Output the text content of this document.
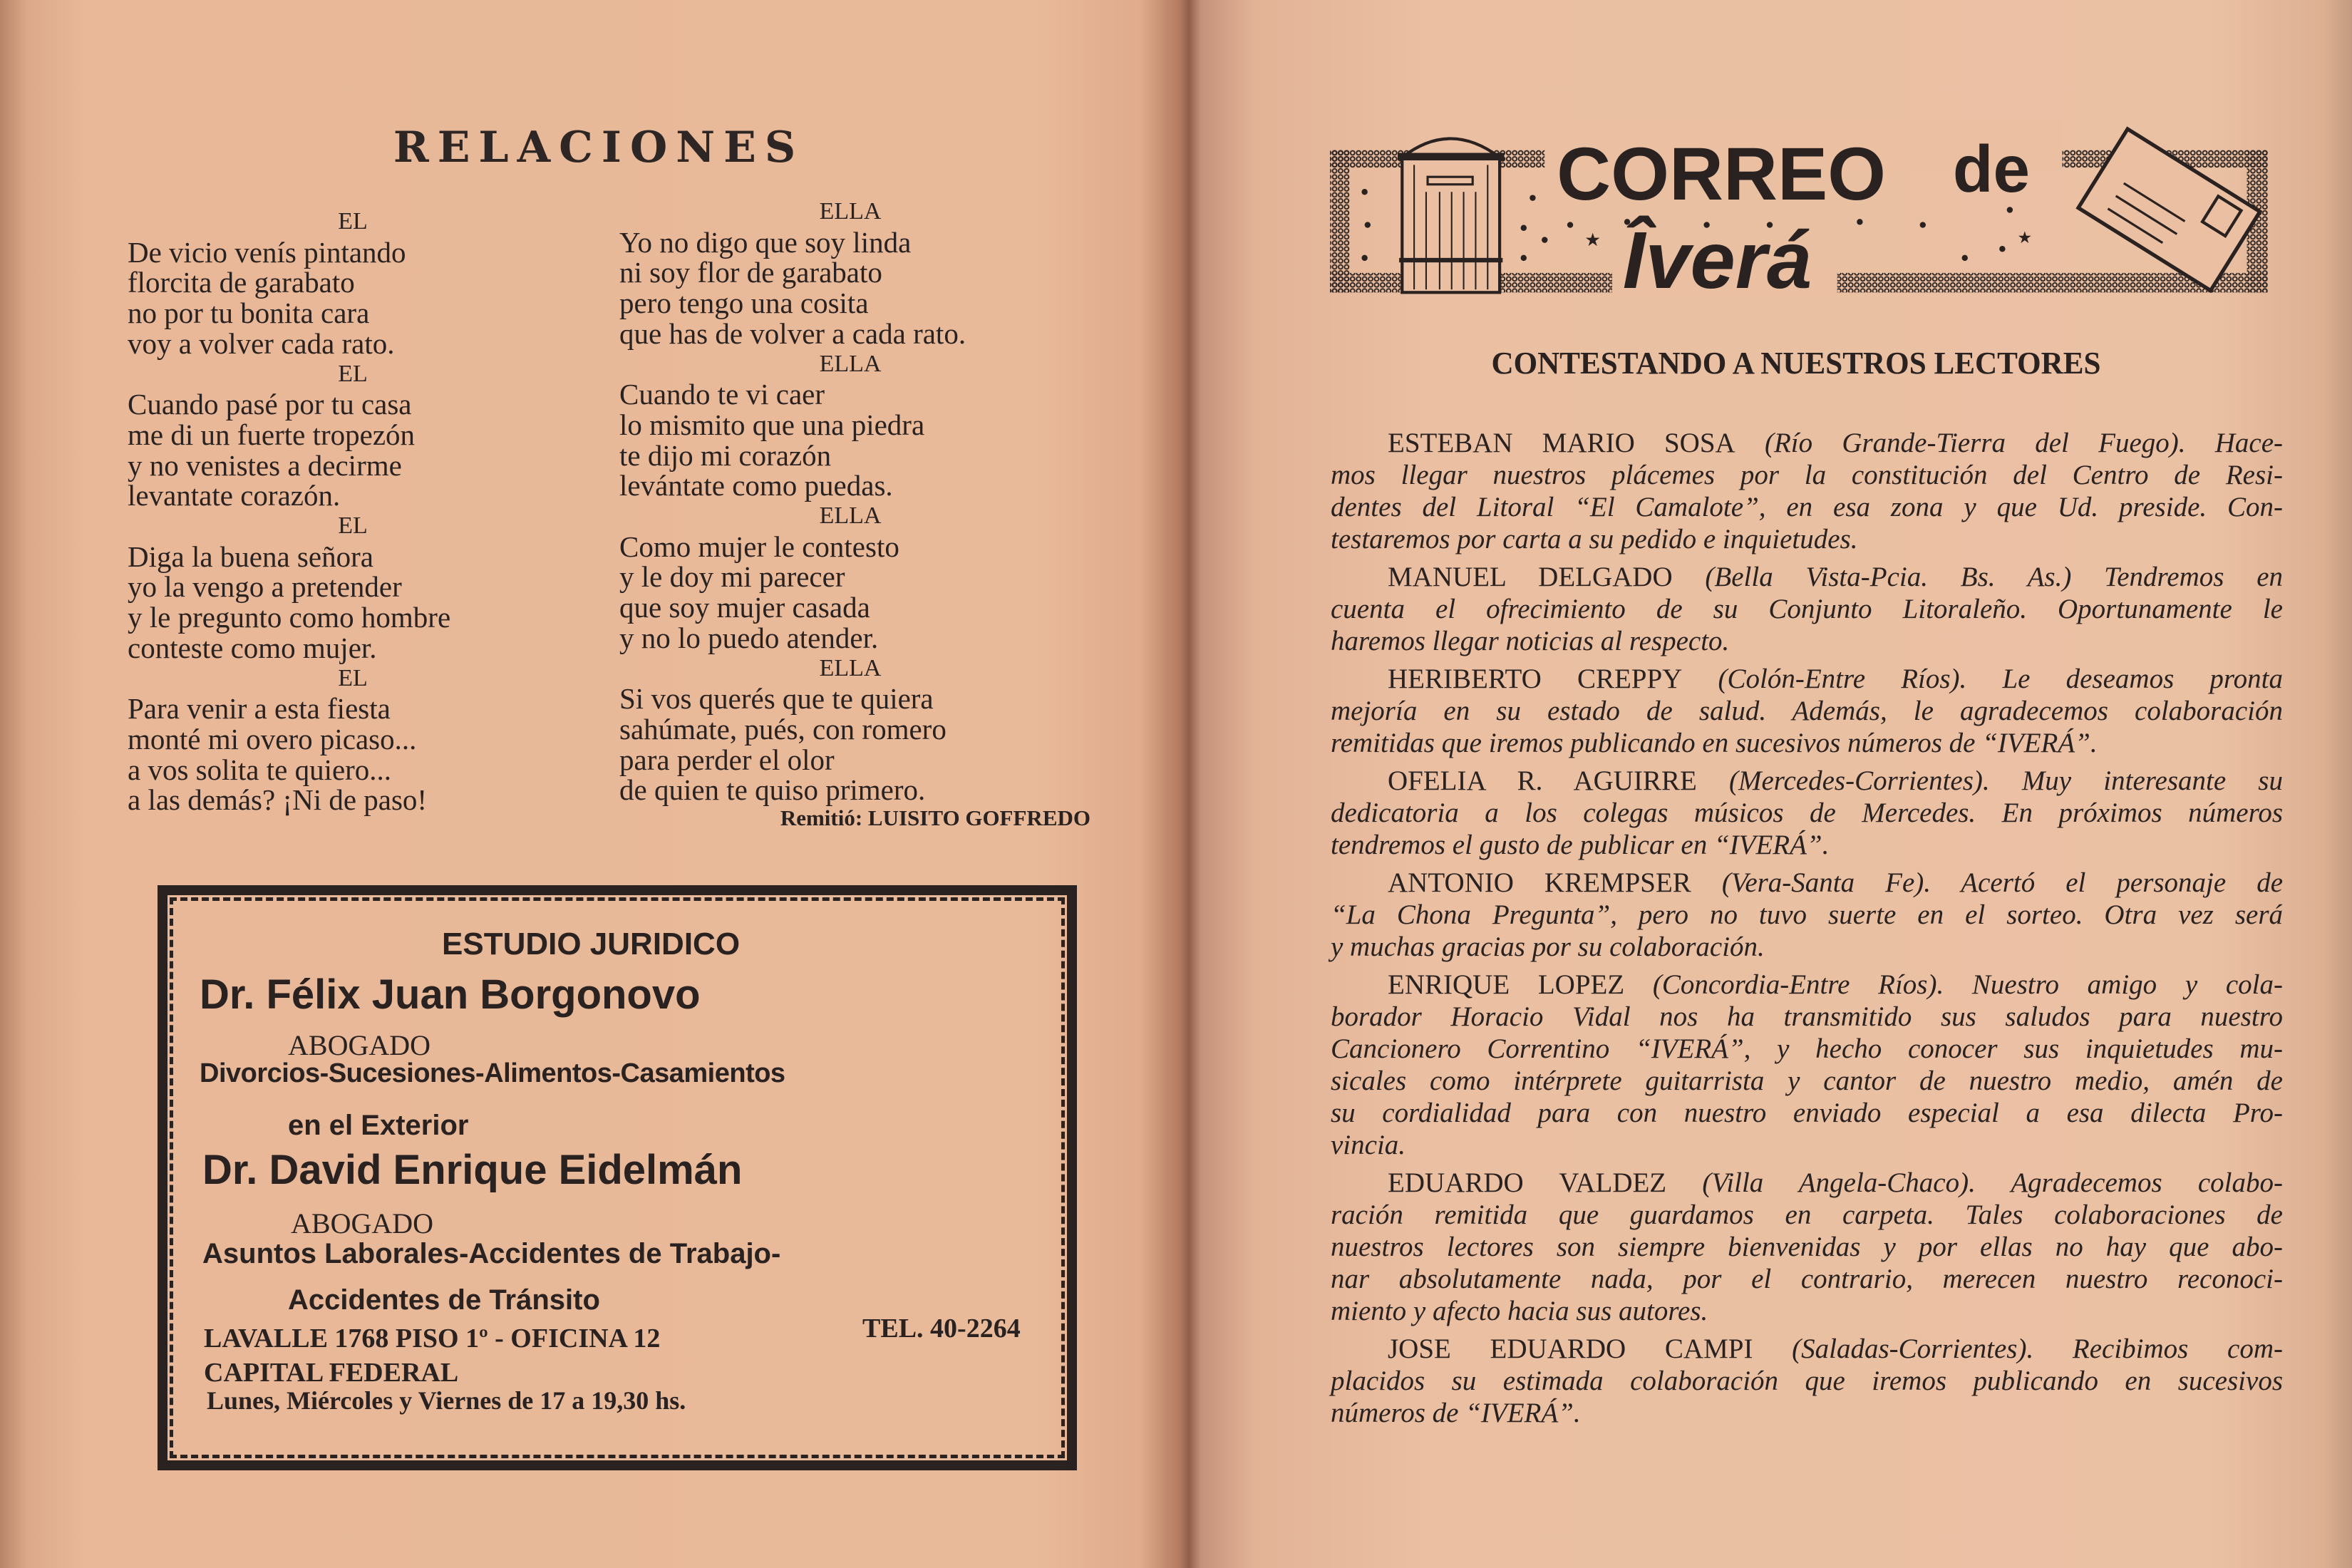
RELACIONES
EL
De vicio venís pintando
florcita de garabato
no por tu bonita cara
voy a volver cada rato.
EL
Cuando pasé por tu casa
me di un fuerte tropezón
y no venistes a decirme
levantate corazón.
EL
Diga la buena señora
yo la vengo a pretender
y le pregunto como hombre
conteste como mujer.
EL
Para venir a esta fiesta
monté mi overo picaso...
a vos solita te quiero...
a las demás? ¡Ni de paso!
ELLA
Yo no digo que soy linda
ni soy flor de garabato
pero tengo una cosita
que has de volver a cada rato.
ELLA
Cuando te vi caer
lo mismito que una piedra
te dijo mi corazón
levántate como puedas.
ELLA
Como mujer le contesto
y le doy mi parecer
que soy mujer casada
y no lo puedo atender.
ELLA
Si vos querés que te quiera
sahúmate, pués, con romero
para perder el olor
de quien te quiso primero.
Remitió: LUISITO GOFFREDO
ESTUDIO JURIDICO
Dr. Félix Juan Borgonovo
ABOGADO
Divorcios-Sucesiones-Alimentos-Casamientos
en el Exterior
Dr. David Enrique Eidelmán
ABOGADO
Asuntos Laborales-Accidentes de Trabajo-
Accidentes de Tránsito
LAVALLE 1768 PISO 1º - OFICINA 12	TEL. 40-2264
CAPITAL FEDERAL
Lunes, Miércoles y Viernes de 17 a 19,30 hs.
★	★
CORREO de
Îverá
CONTESTANDO A NUESTROS LECTORES
ESTEBAN MARIO SOSA (Río Grande-Tierra del Fuego). Hace-
mos llegar nuestros plácemes por la constitución del Centro de Resi-
dentes del Litoral “El Camalote”, en esa zona y que Ud. preside. Con-
testaremos por carta a su pedido e inquietudes.
MANUEL DELGADO (Bella Vista-Pcia. Bs. As.) Tendremos en
cuenta el ofrecimiento de su Conjunto Litoraleño. Oportunamente le
haremos llegar noticias al respecto.
HERIBERTO CREPPY (Colón-Entre Ríos). Le deseamos pronta
mejoría en su estado de salud. Además, le agradecemos colaboración
remitidas que iremos publicando en sucesivos números de “IVERÁ”.
OFELIA R. AGUIRRE (Mercedes-Corrientes). Muy interesante su
dedicatoria a los colegas músicos de Mercedes. En próximos números
tendremos el gusto de publicar en “IVERÁ”.
ANTONIO KREMPSER (Vera-Santa Fe). Acertó el personaje de
“La Chona Pregunta”, pero no tuvo suerte en el sorteo. Otra vez será
y muchas gracias por su colaboración.
ENRIQUE LOPEZ (Concordia-Entre Ríos). Nuestro amigo y cola-
borador Horacio Vidal nos ha transmitido sus saludos para nuestro
Cancionero Correntino “IVERÁ”, y hecho conocer sus inquietudes mu-
sicales como intérprete guitarrista y cantor de nuestro medio, amén de
su cordialidad para con nuestro enviado especial a esa dilecta Pro-
vincia.
EDUARDO VALDEZ (Villa Angela-Chaco). Agradecemos colabo-
ración remitida que guardamos en carpeta. Tales colaboraciones de
nuestros lectores son siempre bienvenidas y por ellas no hay que abo-
nar absolutamente nada, por el contrario, merecen nuestro reconoci-
miento y afecto hacia sus autores.
JOSE EDUARDO CAMPI (Saladas-Corrientes). Recibimos com-
placidos su estimada colaboración que iremos publicando en sucesivos
números de “IVERÁ”.
